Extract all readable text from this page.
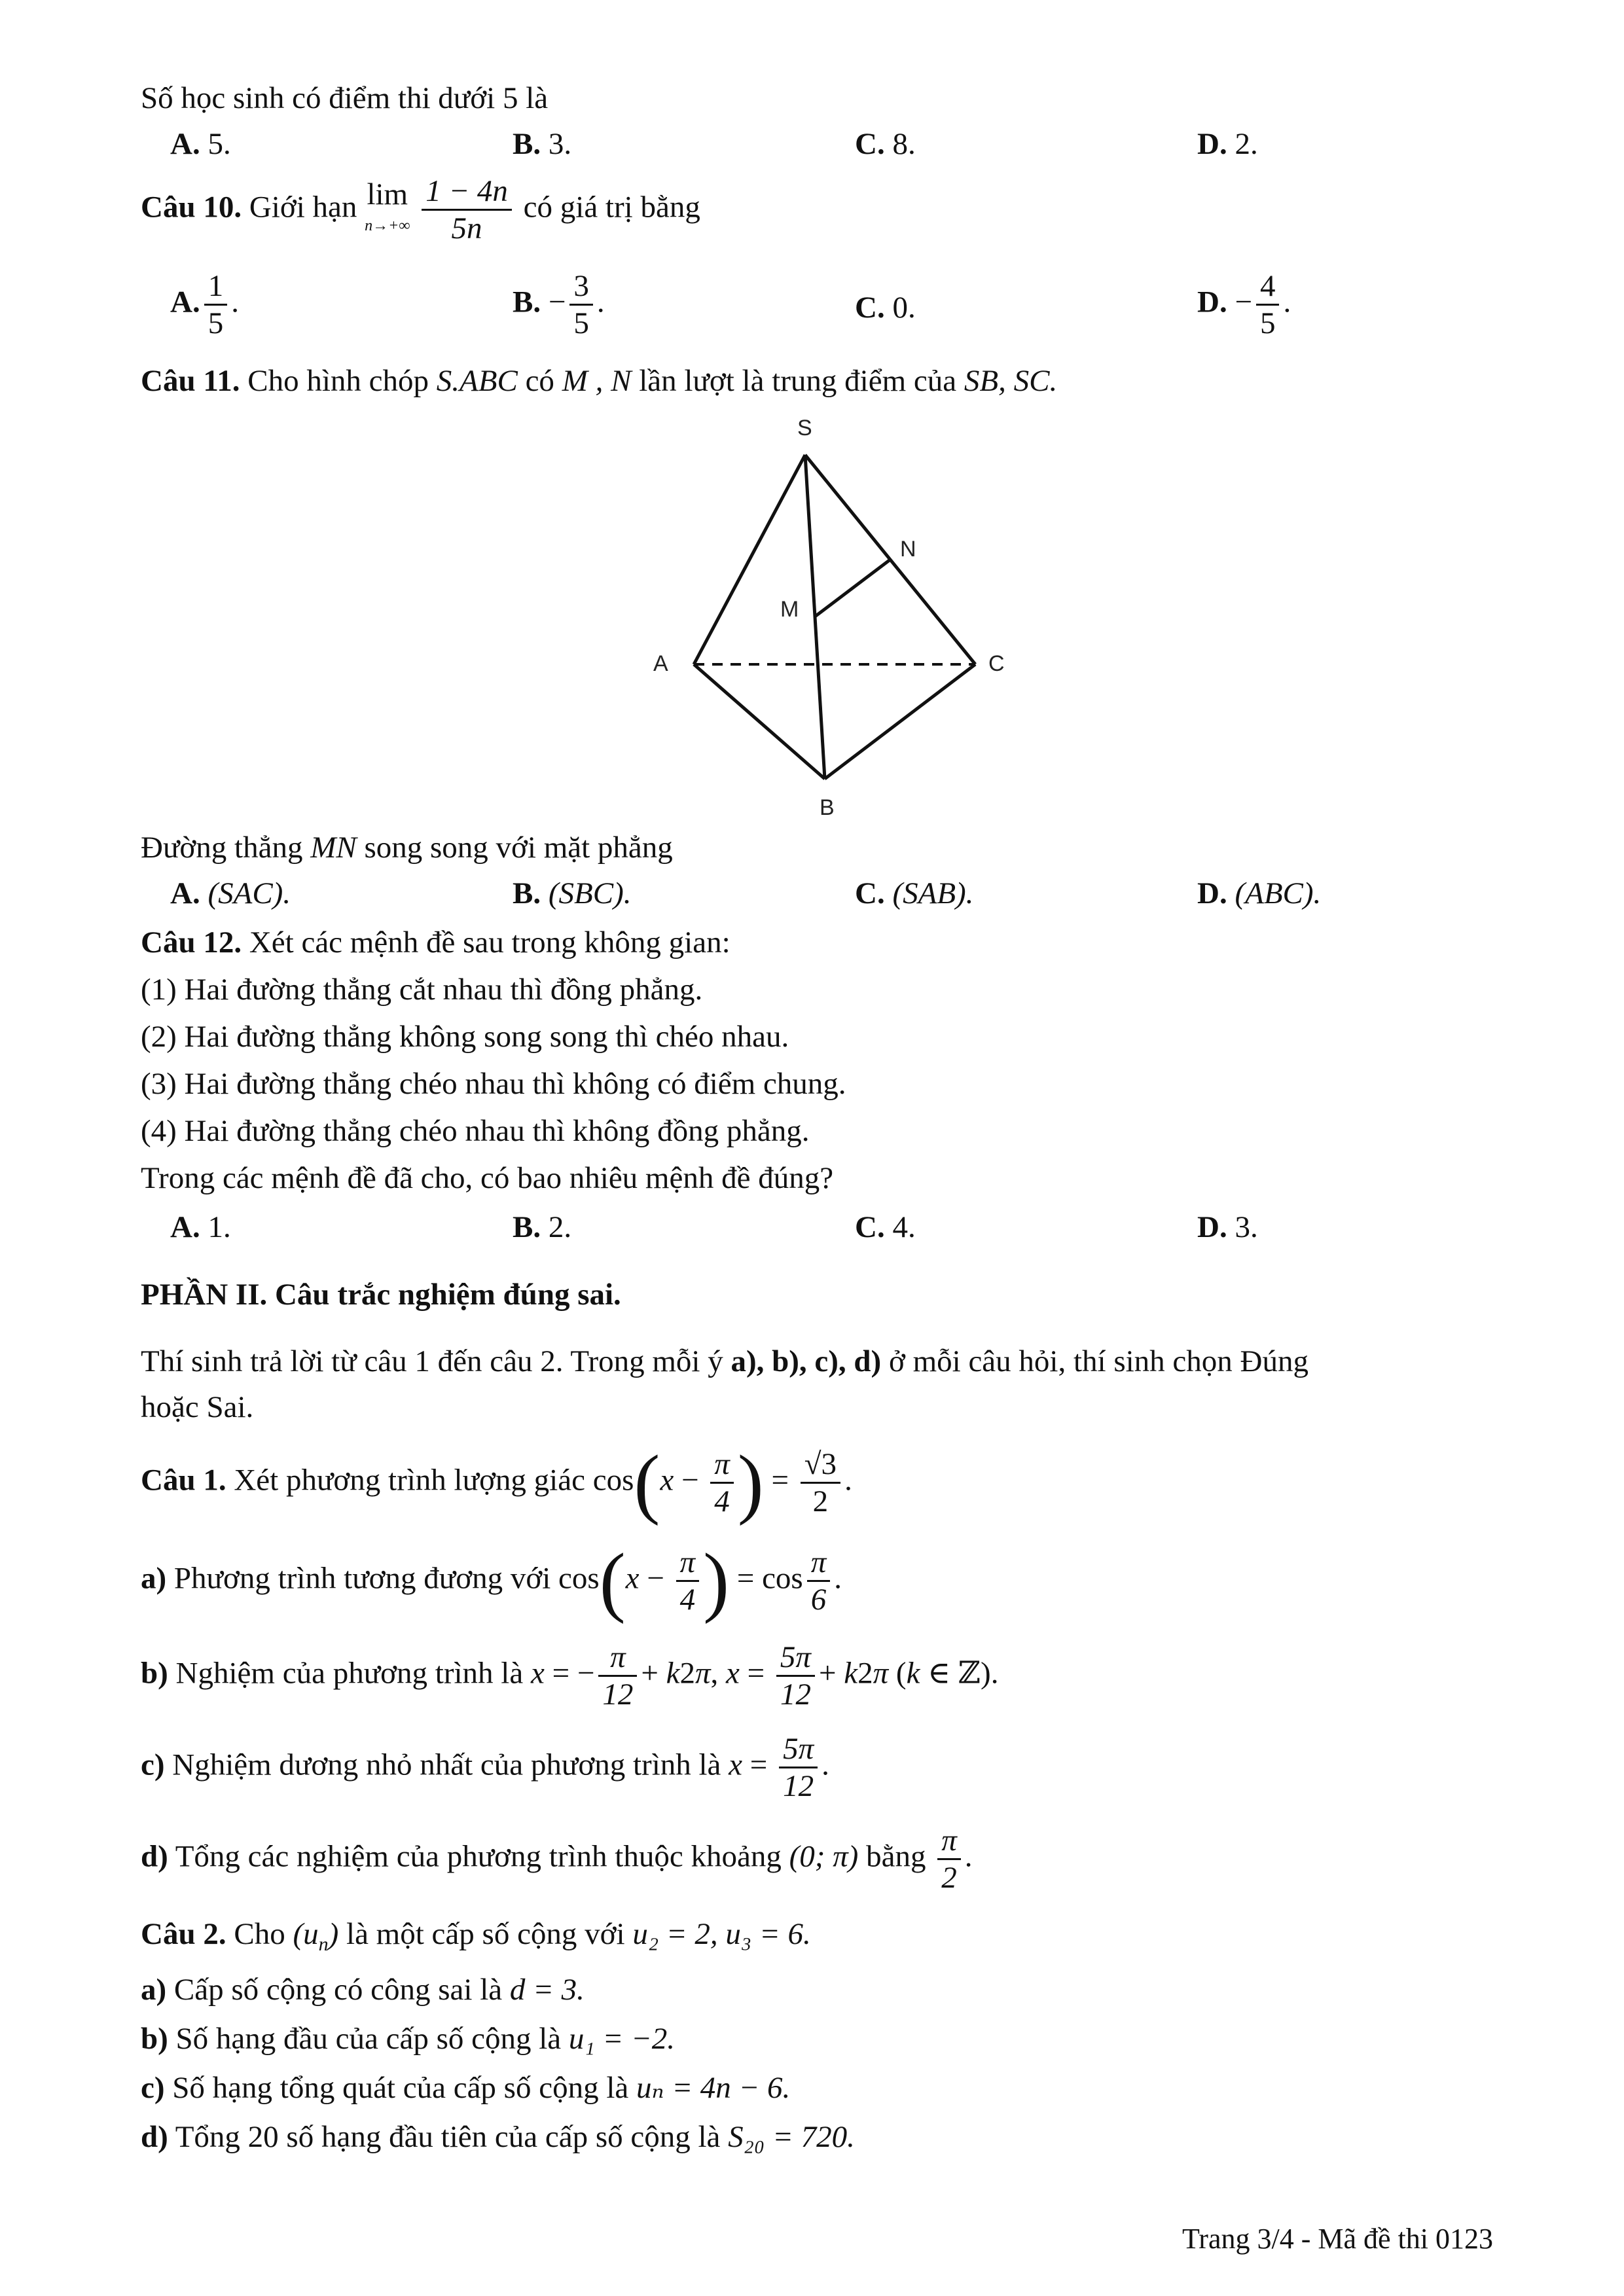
Số học sinh có điểm thi dưới 5 là
A. 5.	B. 3.	C. 8.	D. 2.
Câu 10. Giới hạn lim
$n\to+\infty \frac{1 - 4n}{5n}$ có giá trị bằng
A. $\frac{1}{5}$ .	B. − $\frac{3}{5}$ .	C. 0.	D. − $\frac{4}{5}$ .
Câu 11. Cho hình chóp S.ABC có M , N lần lượt là trung điểm của SB, SC.
S
N
M
A	C
B
Đường thẳng MN song song với mặt phẳng
A. (SAC).	B. (SBC).	C. (SAB).	D. (ABC).
Câu 12. Xét các mệnh đề sau trong không gian:
(1) Hai đường thẳng cắt nhau thì đồng phẳng.
(2) Hai đường thẳng không song song thì chéo nhau.
(3) Hai đường thẳng chéo nhau thì không có điểm chung.
(4) Hai đường thẳng chéo nhau thì không đồng phẳng.
Trong các mệnh đề đã cho, có bao nhiêu mệnh đề đúng?
A. 1.	B. 2.	C. 4.	D. 3.
PHẦN II. Câu trắc nghiệm đúng sai.
Thí sinh trả lời từ câu 1 đến câu 2. Trong mỗi ý a), b), c), d) ở mỗi câu hỏi, thí sinh chọn Đúng
hoặc Sai.
Câu 1. Xét phương trình lượng giác $\cos(x - \frac{\pi}{4}$ ) = $\frac{√3}{2}$ .
a) Phương trình tương đương với $\cos(x - \frac{\pi}{4}$ ) = $\cos \frac{\pi}{6}$ .
b) Nghiệm của phương trình là x = − $\frac{\pi}{12} + k2\pi$, $x = \frac{5\pi}{12} + k2\pi$ (k ∈ ℤ).
c) Nghiệm dương nhỏ nhất của phương trình là $x = \frac{5\pi}{12}$ .
d) Tổng các nghiệm của phương trình thuộc khoảng (0; π) bằng $\frac{\pi}{2}$ .
Câu 2. Cho $(u_n)$ là một cấp số cộng với u₂ = 2, u₃ = 6.
a) Cấp số cộng có công sai là d = 3.
b) Số hạng đầu của cấp số cộng là u₁ = −2.
c) Số hạng tổng quát của cấp số cộng là uₙ = 4n − 6.
d) Tổng 20 số hạng đầu tiên của cấp số cộng là S₂₀ = 720.
Trang 3/4 - Mã đề thi 0123
